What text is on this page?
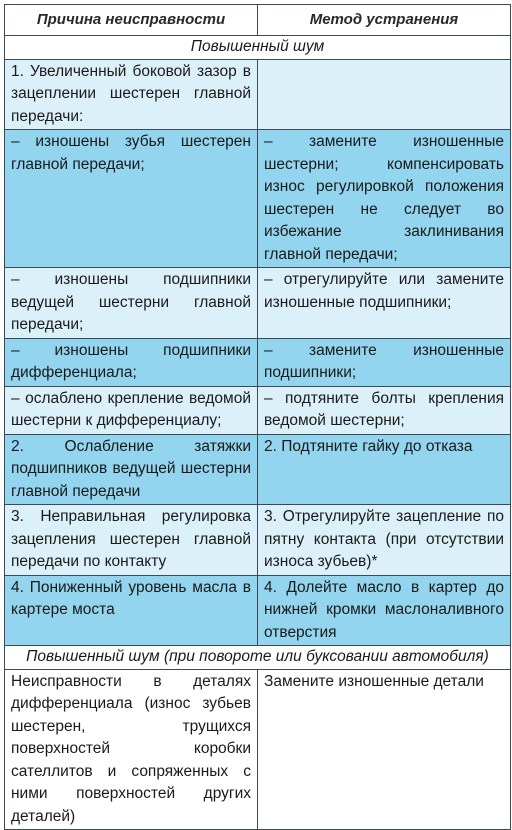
Причина неисправности	Метод устранения
Повышенный шум	

1. Увеличенный боковой зазор в зацеплении шестерен главной передачи:	

– изношены зубья шестерен главной передачи;	– замените изношенные шестерни; компенсировать износ регулировкой положения шестерен не следует во избежание заклинивания главной передачи;

– изношены подшипники ведущей шестерни главной передачи;	– отрегулируйте или замените изношенные подшипники;

– изношены подшипники дифференциала;	– замените изношенные подшипники;

– ослаблено крепление ведомой шестерни к дифференциалу;	– подтяните болты крепления ведомой шестерни;

2. Ослабление затяжки подшипников ведущей шестерни главной передачи	2. Подтяните гайку до отказа

3. Неправильная регулировка зацепления шестерен главной передачи по контакту	3. Отрегулируйте зацепление по пятну контакта (при отсутствии износа зубьев)*

4. Пониженный уровень масла в картере моста	4. Долейте масло в картер до нижней кромки маслоналивного отверстия

Повышенный шум (при повороте или буксовании автомобиля)	

Неисправности в деталях дифференциала (износ зубьев шестерен, трущихся поверхностей коробки сателлитов и сопряженных с ними поверхностей других деталей)	Замените изношенные детали
